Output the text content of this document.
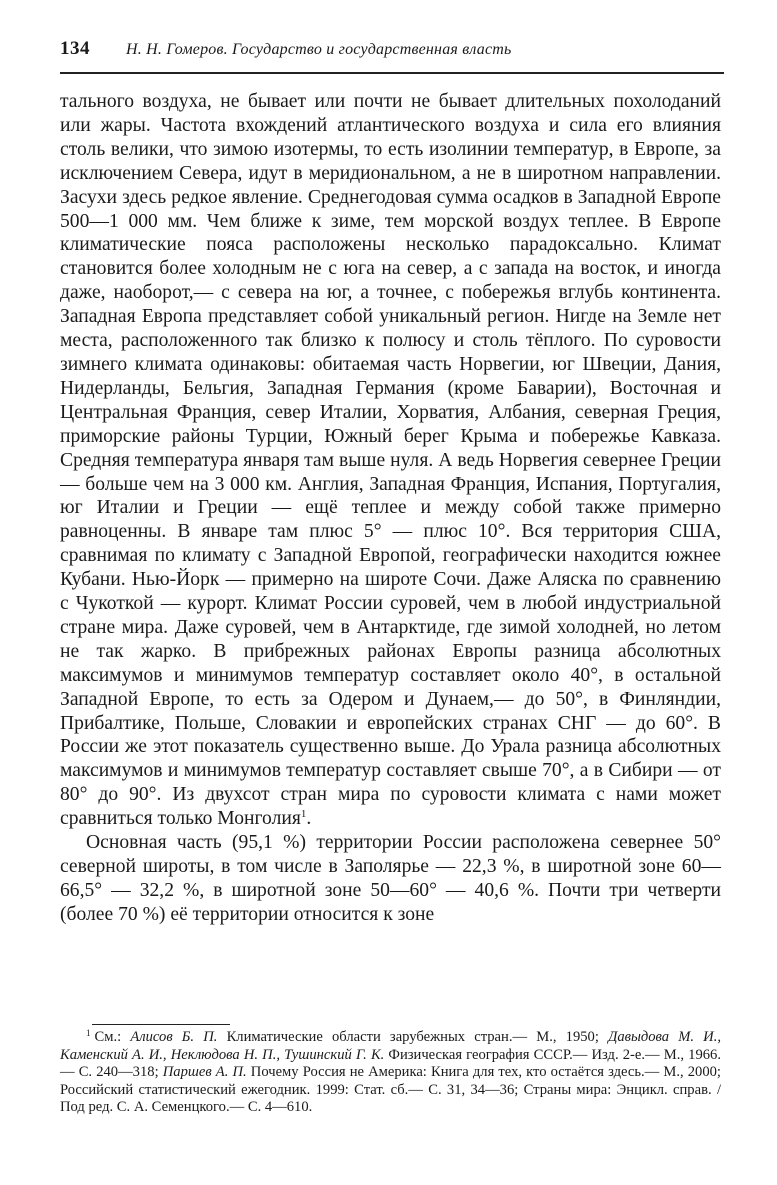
134 Н. Н. Гомеров. Государство и государственная власть

тального воздуха, не бывает или почти не бывает длительных похолоданий или жары. Частота вхождений атлантического воздуха и сила его влияния столь велики, что зимою изотермы, то есть изолинии температур, в Европе, за исключением Севера, идут в меридиональном, а не в широтном направлении. Засухи здесь редкое явление. Среднегодовая сумма осадков в Западной Европе 500—1 000 мм. Чем ближе к зиме, тем морской воздух теплее. В Европе климатические пояса расположены несколько парадоксально. Климат становится более холодным не с юга на север, а с запада на восток, и иногда даже, наоборот,— с севера на юг, а точнее, с побережья вглубь континента. Западная Европа представляет собой уникальный регион. Нигде на Земле нет места, расположенного так близко к полюсу и столь тёплого. По суровости зимнего климата одинаковы: обитаемая часть Норвегии, юг Швеции, Дания, Нидерланды, Бельгия, Западная Германия (кроме Баварии), Восточная и Центральная Франция, север Италии, Хорватия, Албания, северная Греция, приморские районы Турции, Южный берег Крыма и побережье Кавказа. Средняя температура января там выше нуля. А ведь Норвегия севернее Греции — больше чем на 3 000 км. Англия, Западная Франция, Испания, Португалия, юг Италии и Греции — ещё теплее и между собой также примерно равноценны. В январе там плюс 5° — плюс 10°. Вся территория США, сравнимая по климату с Западной Европой, географически находится южнее Кубани. Нью-Йорк — примерно на широте Сочи. Даже Аляска по сравнению с Чукоткой — курорт. Климат России суровей, чем в любой индустриальной стране мира. Даже суровей, чем в Антарктиде, где зимой холодней, но летом не так жарко. В прибрежных районах Европы разница абсолютных максимумов и минимумов температур составляет около 40°, в остальной Западной Европе, то есть за Одером и Дунаем,— до 50°, в Финляндии, Прибалтике, Польше, Словакии и европейских странах СНГ — до 60°. В России же этот показатель существенно выше. До Урала разница абсолютных максимумов и минимумов температур составляет свыше 70°, а в Сибири — от 80° до 90°. Из двухсот стран мира по суровости климата с нами может сравниться только Монголия$^1$.

Основная часть (95,1 %) территории России расположена севернее 50° северной широты, в том числе в Заполярье — 22,3 %, в широтной зоне 60—66,5° — 32,2 %, в широтной зоне 50—60° — 40,6 %. Почти три четверти (более 70 %) её территории относится к зоне

$^1$ См.: Алисов Б. П. Климатические области зарубежных стран.— М., 1950; Давыдова М. И., Каменский А. И., Неклюдова Н. П., Тушинский Г. К. Физическая география СССР.— Изд. 2-е.— М., 1966.— С. 240—318; Паршев А. П. Почему Россия не Америка: Книга для тех, кто остаётся здесь.— М., 2000; Российский статистический ежегодник. 1999: Стат. сб.— С. 31, 34—36; Страны мира: Энцикл. справ. / Под ред. С. А. Семенцкого.— С. 4—610.
